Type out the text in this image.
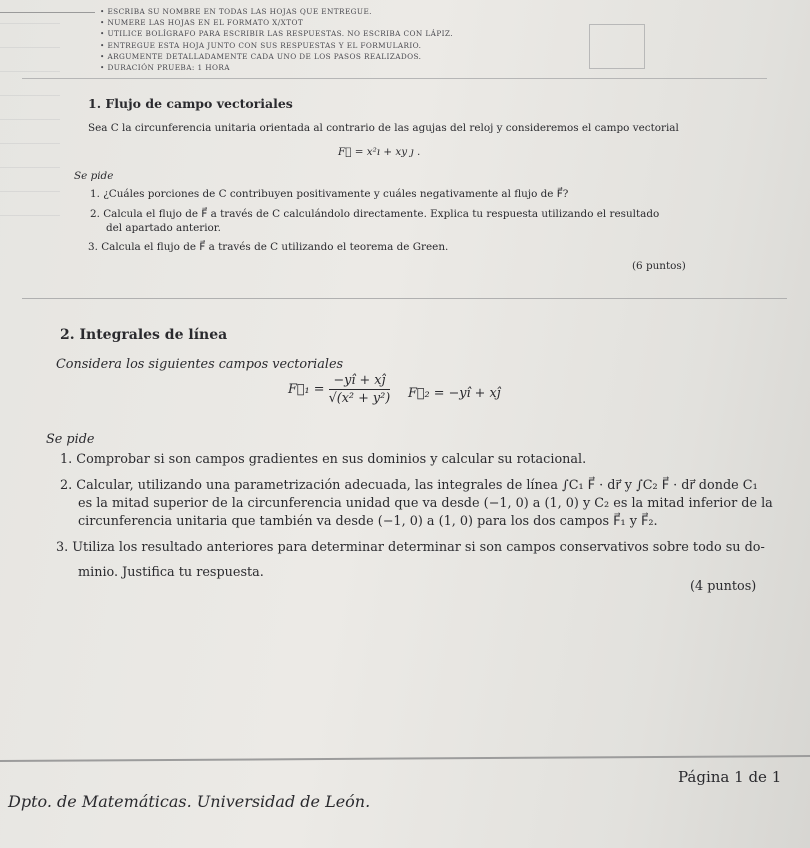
• ESCRIBA SU NOMBRE EN TODAS LAS HOJAS QUE ENTREGUE.
• NUMERE LAS HOJAS EN EL FORMATO X/XTOT
• UTILICE BOLÍGRAFO PARA ESCRIBIR LAS RESPUESTAS. NO ESCRIBA CON LÁPIZ.
• ENTREGUE ESTA HOJA JUNTO CON SUS RESPUESTAS Y EL FORMULARIO.
• ARGUMENTE DETALLADAMENTE CADA UNO DE LOS PASOS REALIZADOS.
• DURACIÓN PRUEBA: 1 HORA
1. Flujo de campo vectoriales
Sea C la circunferencia unitaria orientada al contrario de las agujas del reloj y consideremos el campo vectorial
F⃗ = x²ı + xy ȷ .
Se pide
1. ¿Cuáles porciones de C contribuyen positivamente y cuáles negativamente al flujo de F⃗?
2. Calcula el flujo de F⃗ a través de C calculándolo directamente. Explica tu respuesta utilizando el resultado
del apartado anterior.
3. Calcula el flujo de F⃗ a través de C utilizando el teorema de Green.
(6 puntos)
2. Integrales de línea
Considera los siguientes campos vectoriales
F⃗₁ = $\frac{-yı̂ + xȷ̂}{\text{√(x² + y²)}}$ F⃗₂ = −yı̂ + xȷ̂
Se pide
1. Comprobar si son campos gradientes en sus dominios y calcular su rotacional.
2. Calcular, utilizando una parametrización adecuada, las integrales de línea ∫C₁ F⃗ · dr⃗ y ∫C₂ F⃗ · dr⃗ donde C₁
es la mitad superior de la circunferencia unidad que va desde (−1, 0) a (1, 0) y C₂ es la mitad inferior de la
circunferencia unitaria que también va desde (−1, 0) a (1, 0) para los dos campos F⃗₁ y F⃗₂.
3. Utiliza los resultado anteriores para determinar determinar si son campos conservativos sobre todo su do-
minio. Justifica tu respuesta.
(4 puntos)
Dpto. de Matemáticas. Universidad de León.
Página 1 de 1
